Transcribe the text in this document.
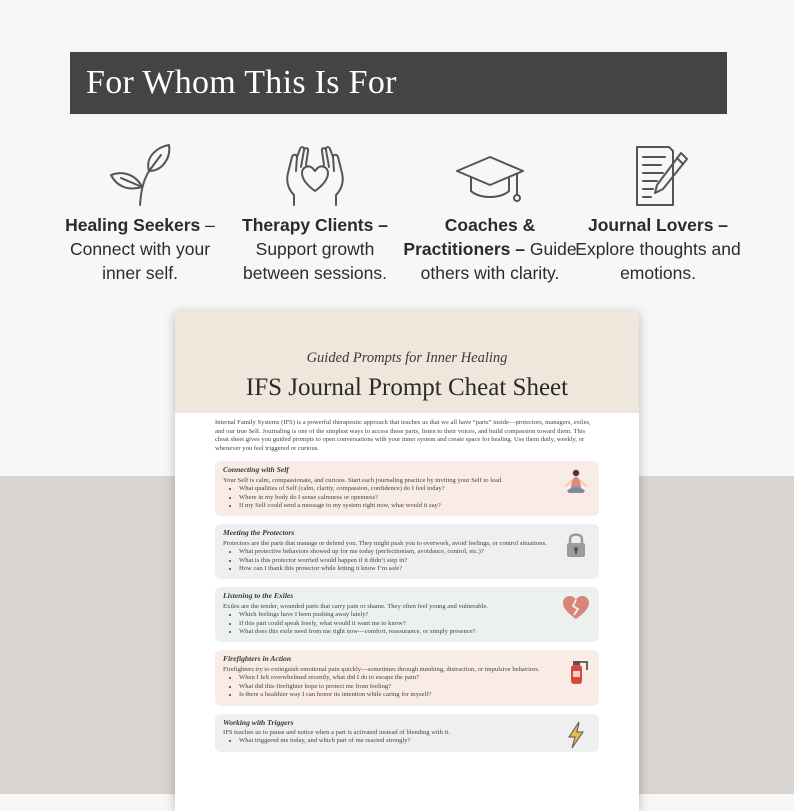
For Whom This Is For
Healing Seekers – Connect with your inner self.
Therapy Clients – Support growth between sessions.
Coaches & Practitioners – Guide others with clarity.
Journal Lovers – Explore thoughts and emotions.
Guided Prompts for Inner Healing
IFS Journal Prompt Cheat Sheet
Internal Family Systems (IFS) is a powerful therapeutic approach that teaches us that we all have “parts” inside—protectors, managers, exiles, and our true Self. Journaling is one of the simplest ways to access these parts, listen to their voices, and build compassion toward them. This cheat sheet gives you guided prompts to open conversations with your inner system and create space for healing. Use them daily, weekly, or whenever you feel triggered or curious.
Connecting with Self
Your Self is calm, compassionate, and curious. Start each journaling practice by inviting your Self to lead.
• What qualities of Self (calm, clarity, compassion, confidence) do I feel today?
• Where in my body do I sense calmness or openness?
• If my Self could send a message to my system right now, what would it say?
Meeting the Protectors
Protectors are the parts that manage or defend you. They might push you to overwork, avoid feelings, or control situations.
• What protective behaviors showed up for me today (perfectionism, avoidance, control, etc.)?
• What is this protector worried would happen if it didn’t step in?
• How can I thank this protector while letting it know I’m safe?
Listening to the Exiles
Exiles are the tender, wounded parts that carry pain or shame. They often feel young and vulnerable.
• Which feelings have I been pushing away lately?
• If this part could speak freely, what would it want me to know?
• What does this exile need from me right now—comfort, reassurance, or simply presence?
Firefighters in Action
Firefighters try to extinguish emotional pain quickly—sometimes through numbing, distraction, or impulsive behaviors.
• When I felt overwhelmed recently, what did I do to escape the pain?
• What did this firefighter hope to protect me from feeling?
• Is there a healthier way I can honor its intention while caring for myself?
Working with Triggers
IFS teaches us to pause and notice when a part is activated instead of blending with it.
• What triggered me today, and which part of me reacted strongly?
